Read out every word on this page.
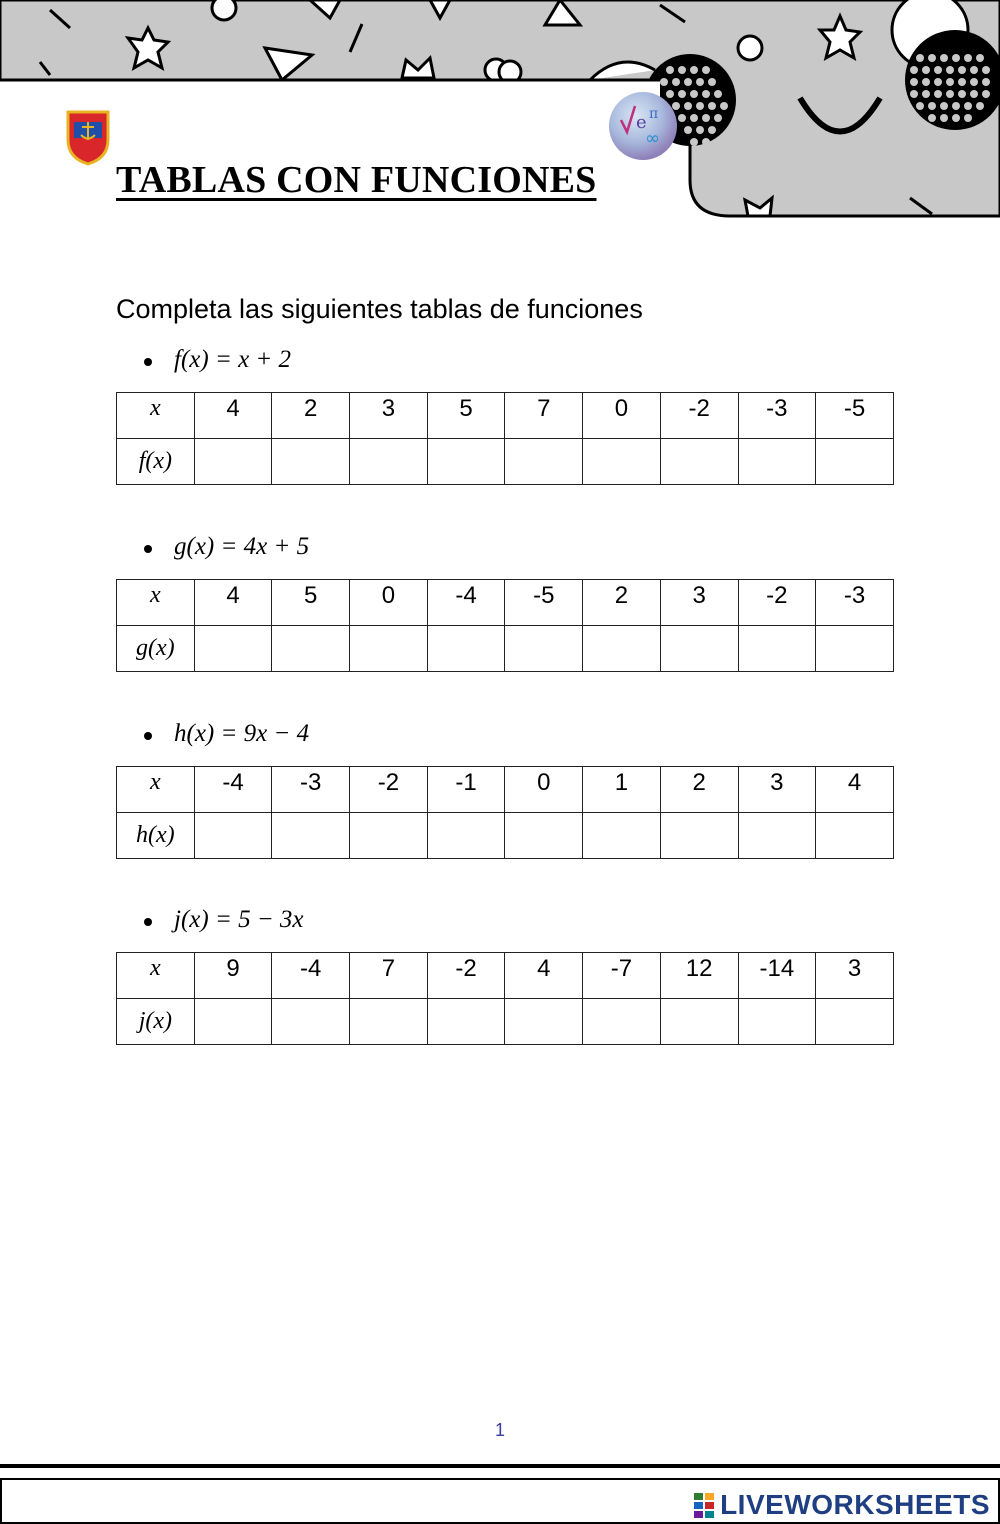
e π
∞
TABLAS CON FUNCIONES

Completa las siguientes tablas de funciones

f(x) = x + 2
x	4	2	3	5	7	0	-2	-3	-5
f(x)									
g(x) = 4x + 5
x	4	5	0	-4	-5	2	3	-2	-3
g(x)									
h(x) = 9x − 4
x	-4	-3	-2	-1	0	1	2	3	4
h(x)									
j(x) = 5 − 3x
x	9	-4	7	-2	4	-7	12	-14	3
j(x)									
1
LIVEWORKSHEETS
